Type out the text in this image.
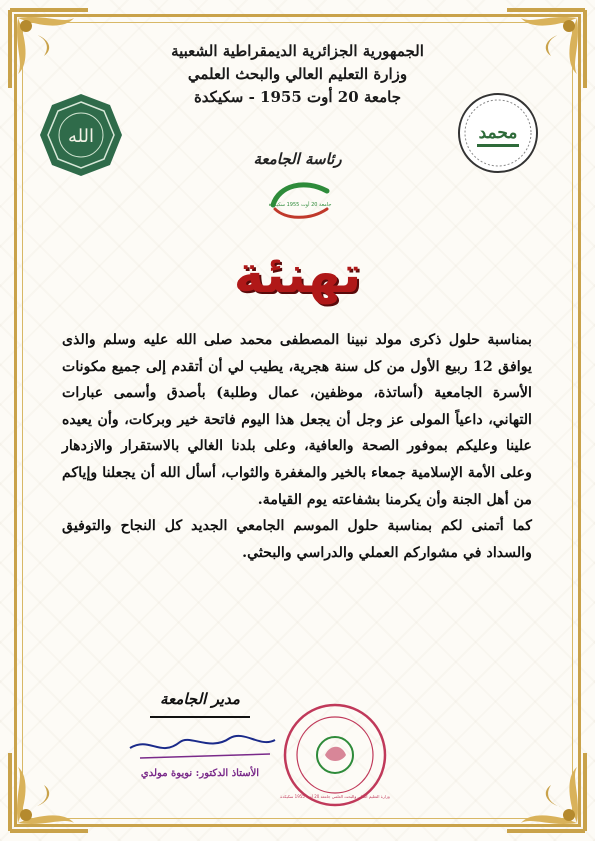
الجمهورية الجزائرية الديمقراطية الشعبية
وزارة التعليم العالي والبحث العلمي
جامعة 20 أوت 1955 - سكيكدة
الله	محمد
رئاسة الجامعة
جامعة 20 أوت 1955 سكيكدة
تهنئة

بمناسبة حلول ذكرى مولد نبينا المصطفى محمد صلى الله عليه وسلم والذى يوافق 12 ربيع الأول من كل سنة هجرية، يطيب لي أن أتقدم إلى جميع مكونات الأسرة الجامعية (أساتذة، موظفين، عمال وطلبة) بأصدق وأسمى عبارات التهاني، داعياً المولى عز وجل أن يجعل هذا اليوم فاتحة خير وبركات، وأن يعيده علينا وعليكم بموفور الصحة والعافية، وعلى بلدنا الغالي بالاستقرار والازدهار وعلى الأمة الإسلامية جمعاء بالخير والمغفرة والثواب، أسأل الله أن يجعلنا وإياكم من أهل الجنة وأن يكرمنا بشفاعته يوم القيامة.

كما أتمنى لكم بمناسبة حلول الموسم الجامعي الجديد كل النجاح والتوفيق والسداد في مشواركم العملي والدراسي والبحثي.

مدير الجامعة
الأستاذ الدكتور: نويوة مولدي
وزارة التعليم العالي والبحث العلمي جامعة 20 أوت 1955 سكيكدة
